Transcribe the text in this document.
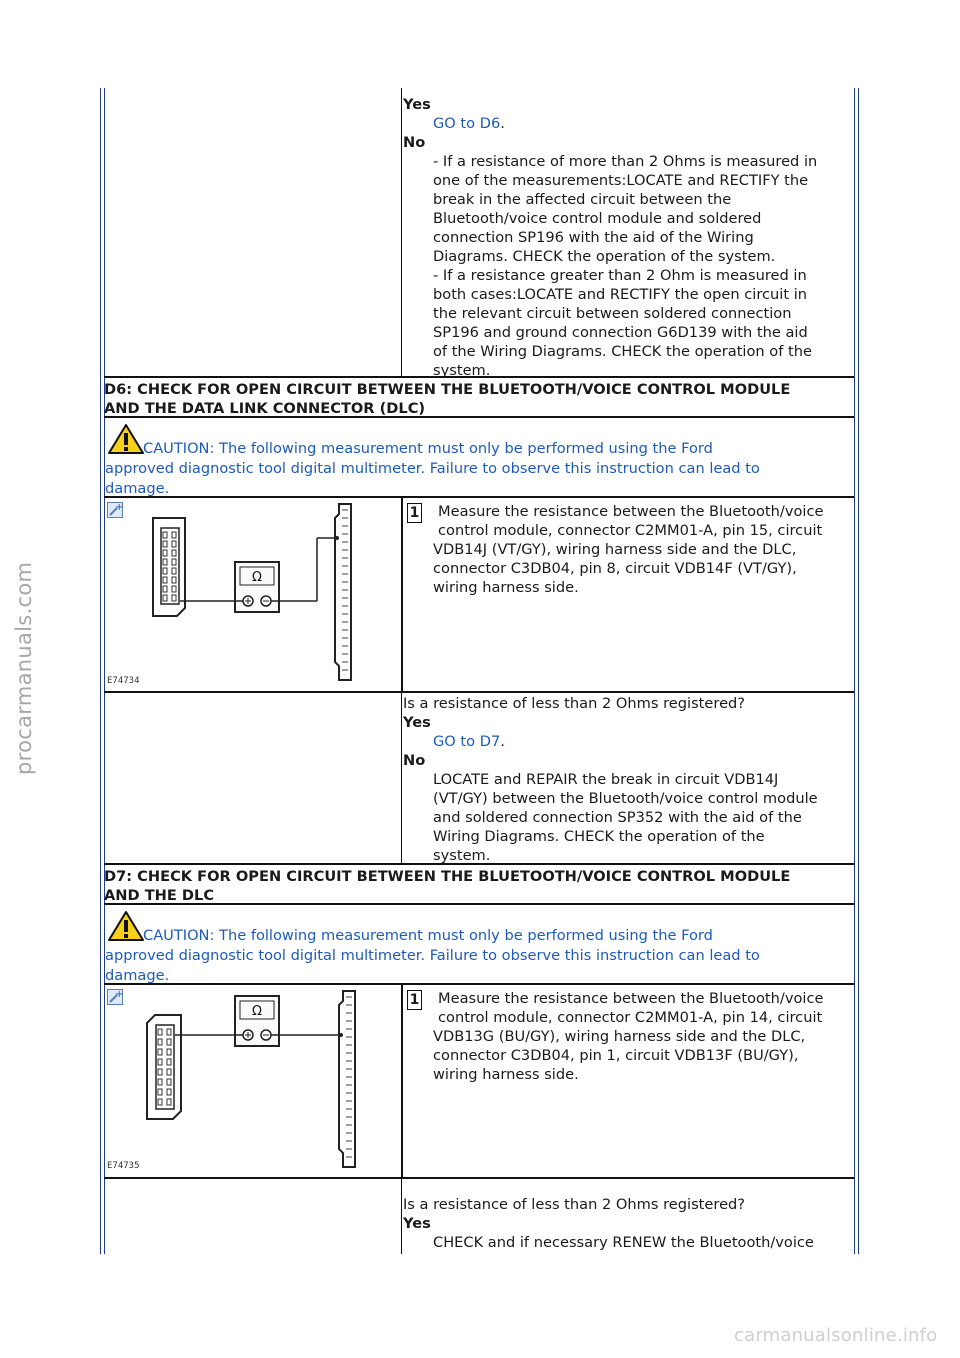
procarmanuals.com
Yes
GO to D6.
No
- If a resistance of more than 2 Ohms is measured in
one of the measurements:LOCATE and RECTIFY the
break in the affected circuit between the
Bluetooth/voice control module and soldered
connection SP196 with the aid of the Wiring
Diagrams. CHECK the operation of the system.
- If a resistance greater than 2 Ohm is measured in
both cases:LOCATE and RECTIFY the open circuit in
the relevant circuit between soldered connection
SP196 and ground connection G6D139 with the aid
of the Wiring Diagrams. CHECK the operation of the
system.
D6: CHECK FOR OPEN CIRCUIT BETWEEN THE BLUETOOTH/VOICE CONTROL MODULE
AND THE DATA LINK CONNECTOR (DLC)
CAUTION: The following measurement must only be performed using the Ford
approved diagnostic tool digital multimeter. Failure to observe this instruction can lead to
damage.
+
Ω
E74734
1	Measure the resistance between the Bluetooth/voice
control module, connector C2MM01-A, pin 15, circuit
VDB14J (VT/GY), wiring harness side and the DLC,
connector C3DB04, pin 8, circuit VDB14F (VT/GY),
wiring harness side.
Is a resistance of less than 2 Ohms registered?
Yes
GO to D7.
No
LOCATE and REPAIR the break in circuit VDB14J
(VT/GY) between the Bluetooth/voice control module
and soldered connection SP352 with the aid of the
Wiring Diagrams. CHECK the operation of the
system.
D7: CHECK FOR OPEN CIRCUIT BETWEEN THE BLUETOOTH/VOICE CONTROL MODULE
AND THE DLC
CAUTION: The following measurement must only be performed using the Ford
approved diagnostic tool digital multimeter. Failure to observe this instruction can lead to
damage.
+
Ω
E74735
1	Measure the resistance between the Bluetooth/voice
control module, connector C2MM01-A, pin 14, circuit
VDB13G (BU/GY), wiring harness side and the DLC,
connector C3DB04, pin 1, circuit VDB13F (BU/GY),
wiring harness side.
Is a resistance of less than 2 Ohms registered?
Yes
CHECK and if necessary RENEW the Bluetooth/voice
carmanualsonline.info
